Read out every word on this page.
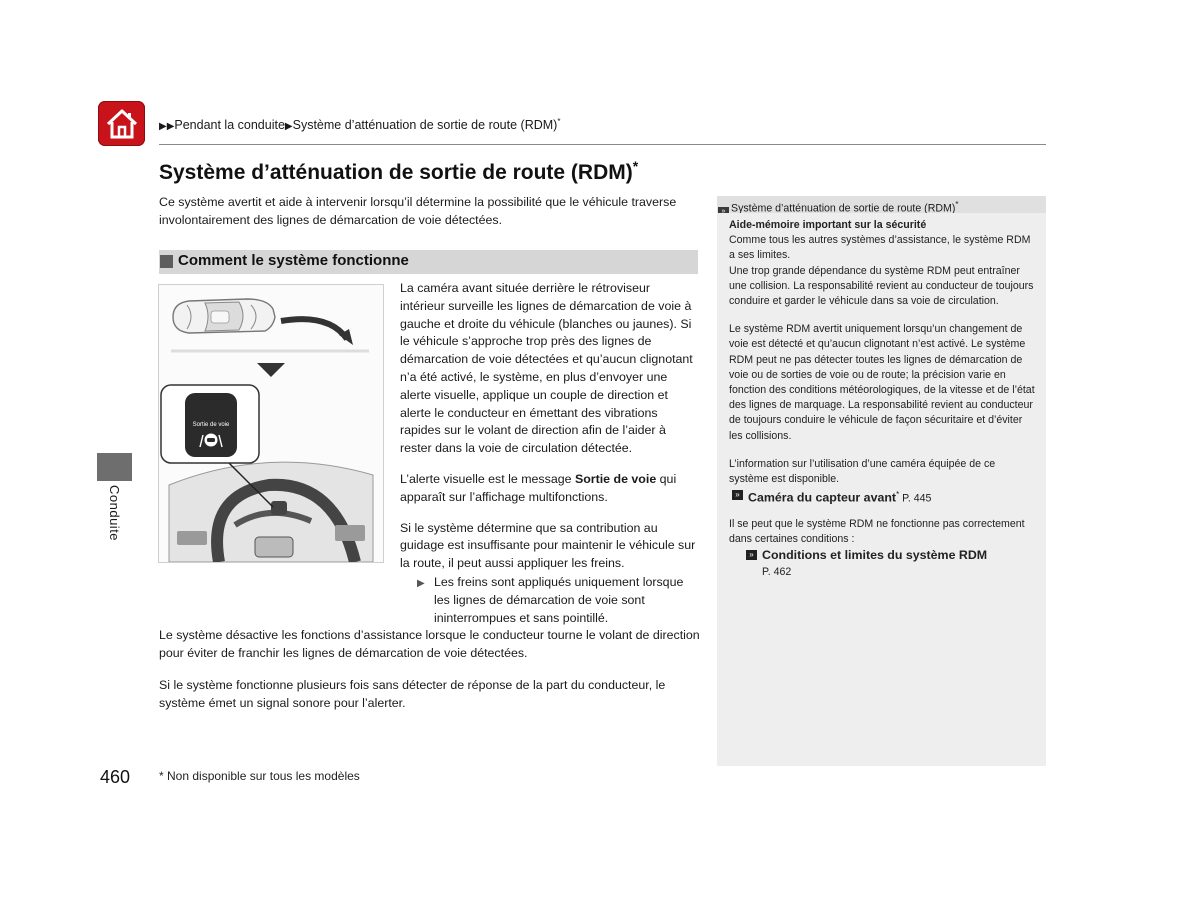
▶▶Pendant la conduite▶Système d’atténuation de sortie de route (RDM)*
Système d’atténuation de sortie de route (RDM)*
Ce système avertit et aide à intervenir lorsqu’il détermine la possibilité que le véhicule traverse involontairement des lignes de démarcation de voie détectées.
Comment le système fonctionne
Sortie de voie

La caméra avant située derrière le rétroviseur intérieur surveille les lignes de démarcation de voie à gauche et droite du véhicule (blanches ou jaunes). Si le véhicule s’approche trop près des lignes de démarcation de voie détectées et qu’aucun clignotant n’a été activé, le système, en plus d’envoyer une alerte visuelle, applique un couple de direction et alerte le conducteur en émettant des vibrations rapides sur le volant de direction afin de l’aider à rester dans la voie de circulation détectée.

L’alerte visuelle est le message Sortie de voie qui apparaît sur l’affichage multifonctions.

Si le système détermine que sa contribution au guidage est insuffisante pour maintenir le véhicule sur la route, il peut aussi appliquer les freins.

▶ Les freins sont appliqués uniquement lorsque les lignes de démarcation de voie sont ininterrompues et sans pointillé.
Le système désactive les fonctions d’assistance lorsque le conducteur tourne le volant de direction pour éviter de franchir les lignes de démarcation de voie détectées.
Si le système fonctionne plusieurs fois sans détecter de réponse de la part du conducteur, le système émet un signal sonore pour l’alerter.
Conduite
» Système d’atténuation de sortie de route (RDM)*
Aide-mémoire important sur la sécurité
Comme tous les autres systèmes d’assistance, le système RDM a ses limites.
Une trop grande dépendance du système RDM peut entraîner une collision. La responsabilité revient au conducteur de toujours conduire et garder le véhicule dans sa voie de circulation.
Le système RDM avertit uniquement lorsqu’un changement de voie est détecté et qu’aucun clignotant n’est activé. Le système RDM peut ne pas détecter toutes les lignes de démarcation de voie ou de sorties de voie ou de route; la précision varie en fonction des conditions météorologiques, de la vitesse et de l’état des lignes de marquage. La responsabilité revient au conducteur de toujours conduire le véhicule de façon sécuritaire et d’éviter les collisions.
L’information sur l’utilisation d’une caméra équipée de ce système est disponible.
» Caméra du capteur avant* P. 445
Il se peut que le système RDM ne fonctionne pas correctement dans certaines conditions :
» Conditions et limites du système RDM
P. 462
460 * Non disponible sur tous les modèles
